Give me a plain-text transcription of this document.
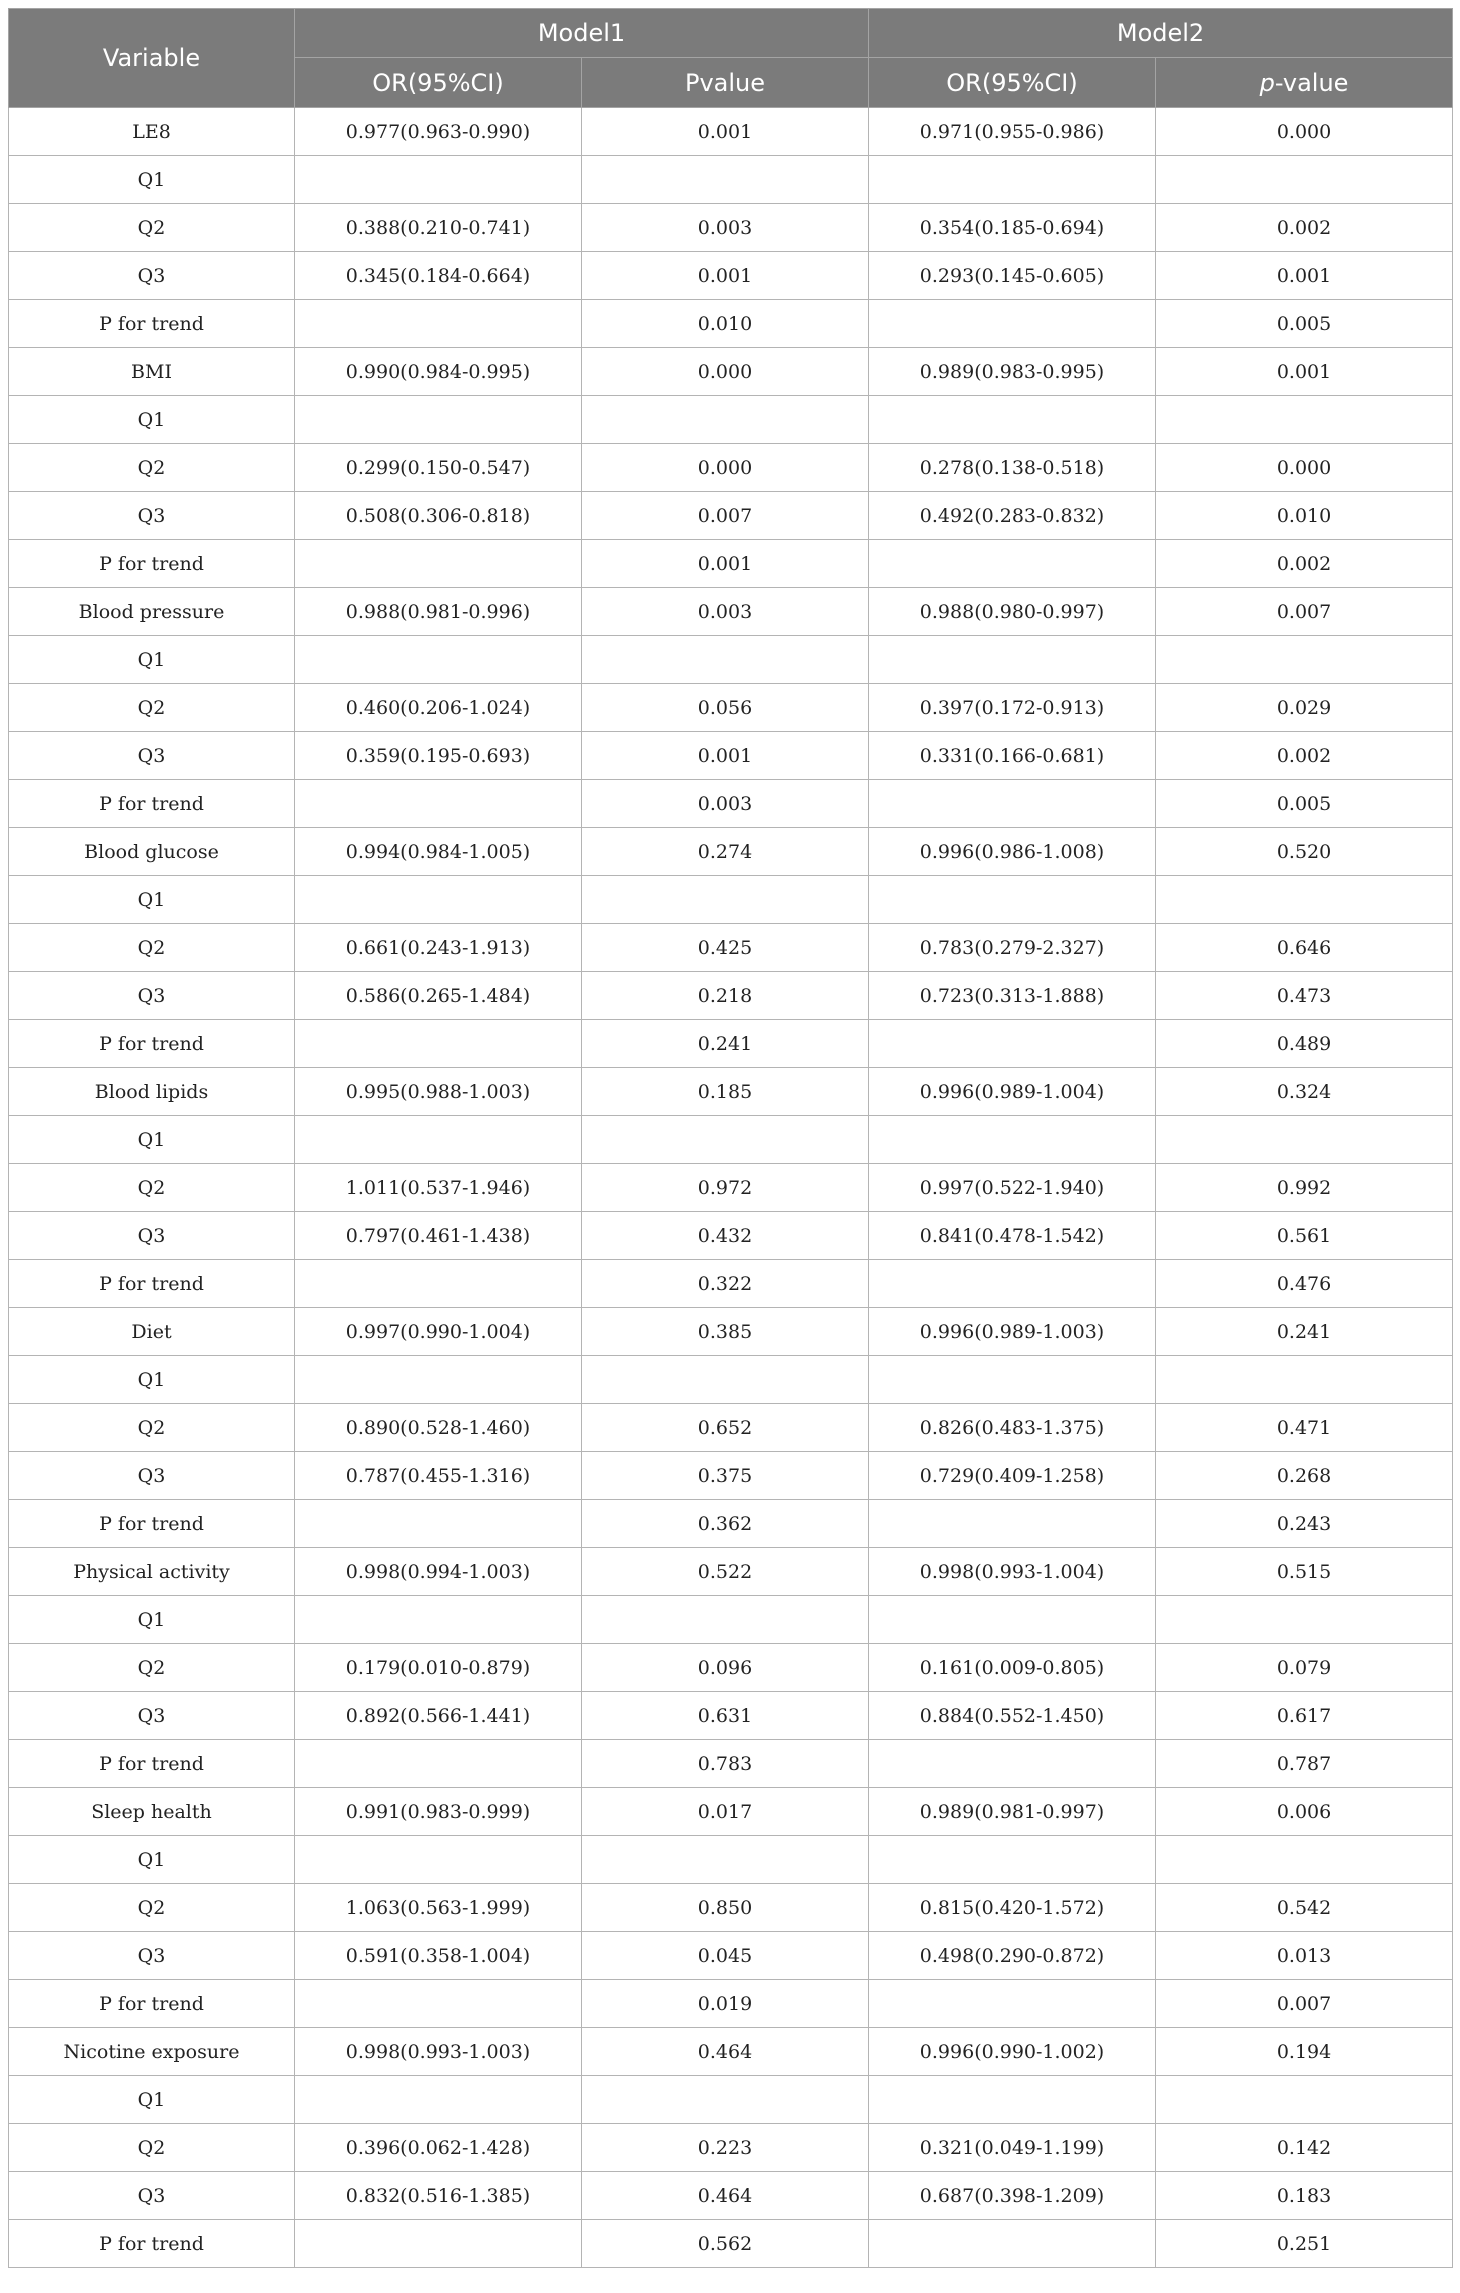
Variable	Model1		Model2	
	OR(95%CI)	Pvalue	OR(95%CI)	p-value
LE8	0.977(0.963-0.990)	0.001	0.971(0.955-0.986)	0.000
Q1				
Q2	0.388(0.210-0.741)	0.003	0.354(0.185-0.694)	0.002
Q3	0.345(0.184-0.664)	0.001	0.293(0.145-0.605)	0.001
P for trend		0.010		0.005
BMI	0.990(0.984-0.995)	0.000	0.989(0.983-0.995)	0.001
Q1				
Q2	0.299(0.150-0.547)	0.000	0.278(0.138-0.518)	0.000
Q3	0.508(0.306-0.818)	0.007	0.492(0.283-0.832)	0.010
P for trend		0.001		0.002
Blood pressure	0.988(0.981-0.996)	0.003	0.988(0.980-0.997)	0.007
Q1				
Q2	0.460(0.206-1.024)	0.056	0.397(0.172-0.913)	0.029
Q3	0.359(0.195-0.693)	0.001	0.331(0.166-0.681)	0.002
P for trend		0.003		0.005
Blood glucose	0.994(0.984-1.005)	0.274	0.996(0.986-1.008)	0.520
Q1				
Q2	0.661(0.243-1.913)	0.425	0.783(0.279-2.327)	0.646
Q3	0.586(0.265-1.484)	0.218	0.723(0.313-1.888)	0.473
P for trend		0.241		0.489
Blood lipids	0.995(0.988-1.003)	0.185	0.996(0.989-1.004)	0.324
Q1				
Q2	1.011(0.537-1.946)	0.972	0.997(0.522-1.940)	0.992
Q3	0.797(0.461-1.438)	0.432	0.841(0.478-1.542)	0.561
P for trend		0.322		0.476
Diet	0.997(0.990-1.004)	0.385	0.996(0.989-1.003)	0.241
Q1				
Q2	0.890(0.528-1.460)	0.652	0.826(0.483-1.375)	0.471
Q3	0.787(0.455-1.316)	0.375	0.729(0.409-1.258)	0.268
P for trend		0.362		0.243
Physical activity	0.998(0.994-1.003)	0.522	0.998(0.993-1.004)	0.515
Q1				
Q2	0.179(0.010-0.879)	0.096	0.161(0.009-0.805)	0.079
Q3	0.892(0.566-1.441)	0.631	0.884(0.552-1.450)	0.617
P for trend		0.783		0.787
Sleep health	0.991(0.983-0.999)	0.017	0.989(0.981-0.997)	0.006
Q1				
Q2	1.063(0.563-1.999)	0.850	0.815(0.420-1.572)	0.542
Q3	0.591(0.358-1.004)	0.045	0.498(0.290-0.872)	0.013
P for trend		0.019		0.007
Nicotine exposure	0.998(0.993-1.003)	0.464	0.996(0.990-1.002)	0.194
Q1				
Q2	0.396(0.062-1.428)	0.223	0.321(0.049-1.199)	0.142
Q3	0.832(0.516-1.385)	0.464	0.687(0.398-1.209)	0.183
P for trend		0.562		0.251
